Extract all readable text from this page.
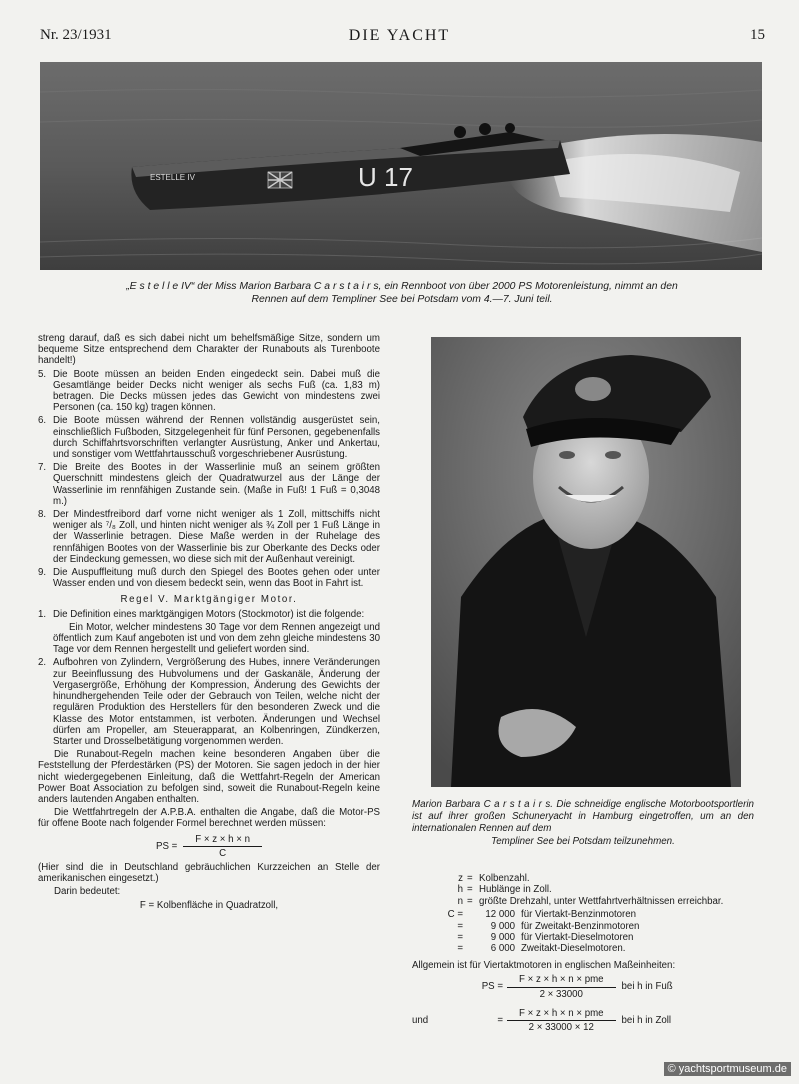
Nr. 23/1931	DIE YACHT	15
ESTELLE IV	U 17
„E s t e l l e IV“ der Miss Marion Barbara C a r s t a i r s, ein Rennboot von über 2000 PS Motorenleistung, nimmt an den
Rennen auf dem Templiner See bei Potsdam vom 4.—7. Juni teil.

streng darauf, daß es sich dabei nicht um behelfsmäßige Sitze, sondern um bequeme Sitze entsprechend dem Charakter der Runabouts als Turenboote handelt!)

5. Die Boote müssen an beiden Enden eingedeckt sein. Dabei muß die Gesamtlänge beider Decks nicht weniger als sechs Fuß (ca. 1,83 m) betragen. Die Decks müssen jedes das Gewicht von mindestens zwei Personen (ca. 150 kg) tragen können.
6. Die Boote müssen während der Rennen vollständig ausgerüstet sein, einschließlich Fußboden, Sitzgelegenheit für fünf Personen, gegebenenfalls durch Schiffahrtsvorschriften verlangter Ausrüstung, Anker und Ankertau, und sonstiger vom Wettfahrtausschuß vorgeschriebener Ausrüstung.
7. Die Breite des Bootes in der Wasserlinie muß an seinem größten Querschnitt mindestens gleich der Quadratwurzel aus der Länge der Wasserlinie im rennfähigen Zustande sein. (Maße in Fuß! 1 Fuß = 0,3048 m.)
8. Der Mindestfreibord darf vorne nicht weniger als 1 Zoll, mittschiffs nicht weniger als ⁷/₈ Zoll, und hinten nicht weniger als ¾ Zoll per 1 Fuß Länge in der Wasserlinie betragen. Diese Maße werden in der Ruhelage des rennfähigen Bootes von der Wasserlinie bis zur Oberkante des Decks oder der Eindeckung gemessen, wo diese sich mit der Außenhaut vereinigt.
9. Die Auspuffleitung muß durch den Spiegel des Bootes gehen oder unter Wasser enden und von diesem bedeckt sein, wenn das Boot in Fahrt ist.

Regel V. Marktgängiger Motor.

1. Die Definition eines marktgängigen Motors (Stockmotor) ist die folgende:

Ein Motor, welcher mindestens 30 Tage vor dem Rennen angezeigt und öffentlich zum Kauf angeboten ist und von dem zehn gleiche mindestens 30 Tage vor dem Rennen hergestellt und geliefert worden sind.

2. Aufbohren von Zylindern, Vergrößerung des Hubes, innere Veränderungen zur Beeinflussung des Hubvolumens und der Gaskanäle, Änderung der Vergasergröße, Erhöhung der Kompression, Änderung des Gewichts der hinundhergehenden Teile oder der Gebrauch von Teilen, welche nicht der regulären Produktion des Herstellers für den besonderen Zweck und die Klasse des Motor entstammen, ist verboten. Änderungen und Wechsel dürfen am Propeller, am Steuerapparat, an Kolbenringen, Zündkerzen, Starter und Drosselbetätigung vorgenommen werden.

Die Runabout-Regeln machen keine besonderen Angaben über die Feststellung der Pferdestärken (PS) der Motoren. Sie sagen jedoch in der hier nicht wiedergegebenen Einleitung, daß die Wettfahrt-Regeln der American Power Boat Association zu befolgen sind, soweit die Runabout-Regeln keine anders lautenden Angaben enthalten.

Die Wettfahrtregeln der A.P.B.A. enthalten die Angabe, daß die Motor-PS für offene Boote nach folgender Formel berechnet werden müssen:

PS = $\frac{F \times z \times h \times n}{C}$

(Hier sind die in Deutschland gebräuchlichen Kurzzeichen an Stelle der amerikanischen eingesetzt.)

Darin bedeutet:

F = Kolbenfläche in Quadratzoll,

Marion Barbara C a r s t a i r s. Die schneidige englische Motorbootsportlerin ist auf ihrer großen Schuneryacht in Hamburg eingetroffen, um an den internationalen Rennen auf dem
Templiner See bei Potsdam teilzunehmen.
z = Kolbenzahl.
h = Hublänge in Zoll.
n = größte Drehzahl, unter Wettfahrtverhältnissen erreichbar.
C =	12 000 für Viertakt-Benzinmotoren
=	9 000 für Zweitakt-Benzinmotoren
=	9 000 für Viertakt-Dieselmotoren
=	6 000 Zweitakt-Dieselmotoren.

Allgemein ist für Viertaktmotoren in englischen Maßeinheiten:

PS = $\frac{\text{F × z × h × n × pme}}{2 \times 33000}$ bei h in Fuß
und	= $\frac{\text{F × z × h × n × pme}}{2 \times 33000 \times 12}$ bei h in Zoll
© yachtsportmuseum.de
